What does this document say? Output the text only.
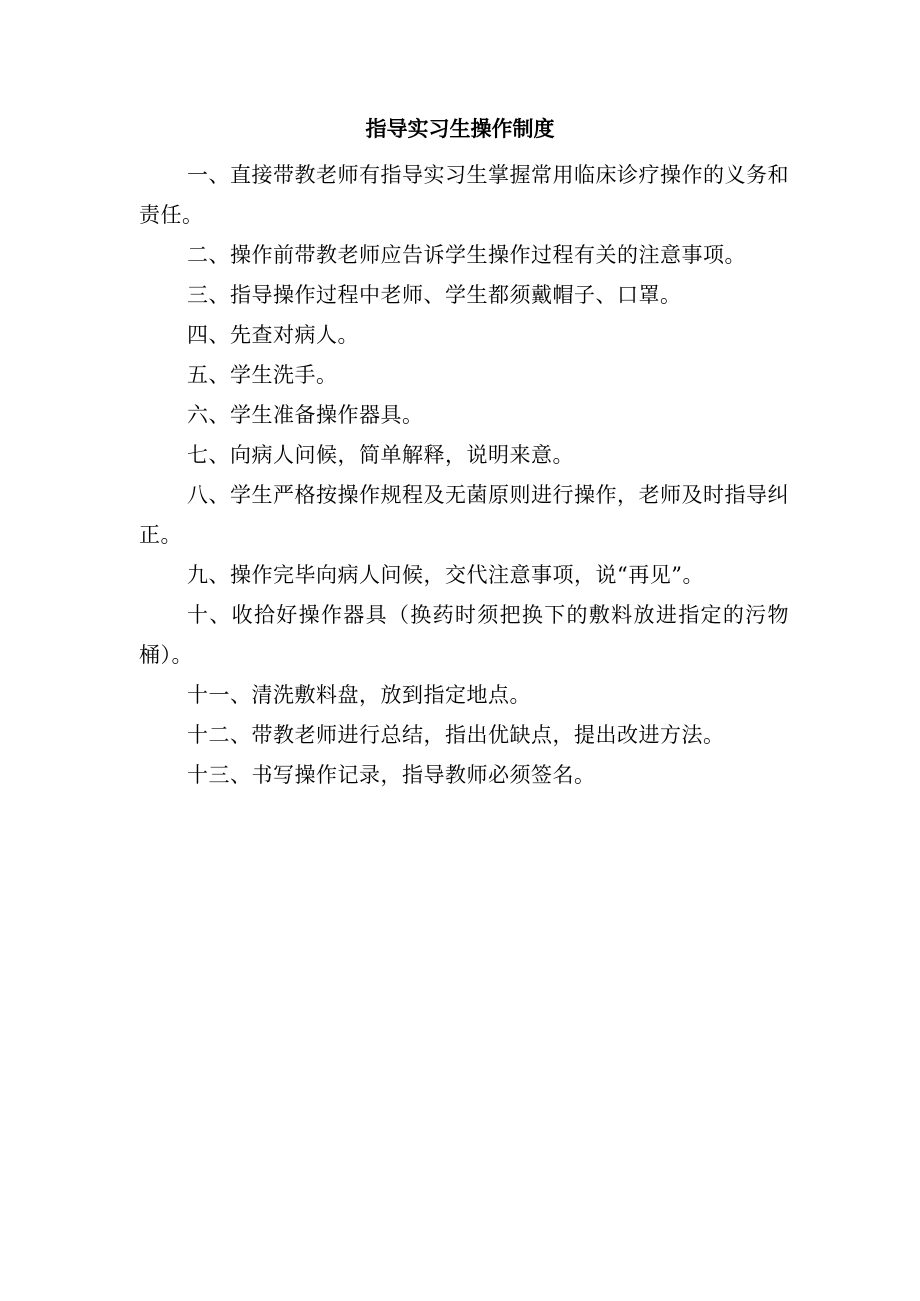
指导实习生操作制度

一、直接带教老师有指导实习生掌握常用临床诊疗操作的义务和责任。

二、操作前带教老师应告诉学生操作过程有关的注意事项。

三、指导操作过程中老师、学生都须戴帽子、口罩。

四、先查对病人。

五、学生洗手。

六、学生准备操作器具。

七、向病人问候，简单解释，说明来意。

八、学生严格按操作规程及无菌原则进行操作，老师及时指导纠正。

九、操作完毕向病人问候，交代注意事项，说“再见”。

十、收拾好操作器具（换药时须把换下的敷料放进指定的污物桶）。

十一、清洗敷料盘，放到指定地点。

十二、带教老师进行总结，指出优缺点，提出改进方法。

十三、书写操作记录，指导教师必须签名。
